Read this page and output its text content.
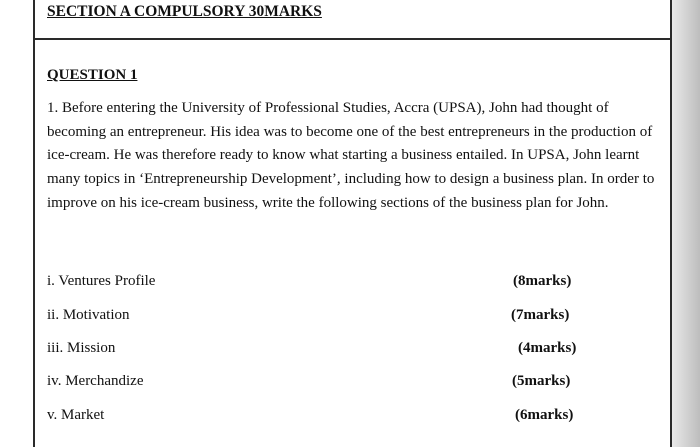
SECTION A COMPULSORY 30MARKS
QUESTION 1
1. Before entering the University of Professional Studies, Accra (UPSA), John had thought of becoming an entrepreneur. His idea was to become one of the best entrepreneurs in the production of ice-cream. He was therefore ready to know what starting a business entailed. In UPSA, John learnt many topics in ‘Entrepreneurship Development’, including how to design a business plan. In order to improve on his ice-cream business, write the following sections of the business plan for John.
i. Ventures Profile	(8marks)
ii. Motivation	(7marks)
iii. Mission	(4marks)
iv. Merchandize	(5marks)
v. Market	(6marks)
